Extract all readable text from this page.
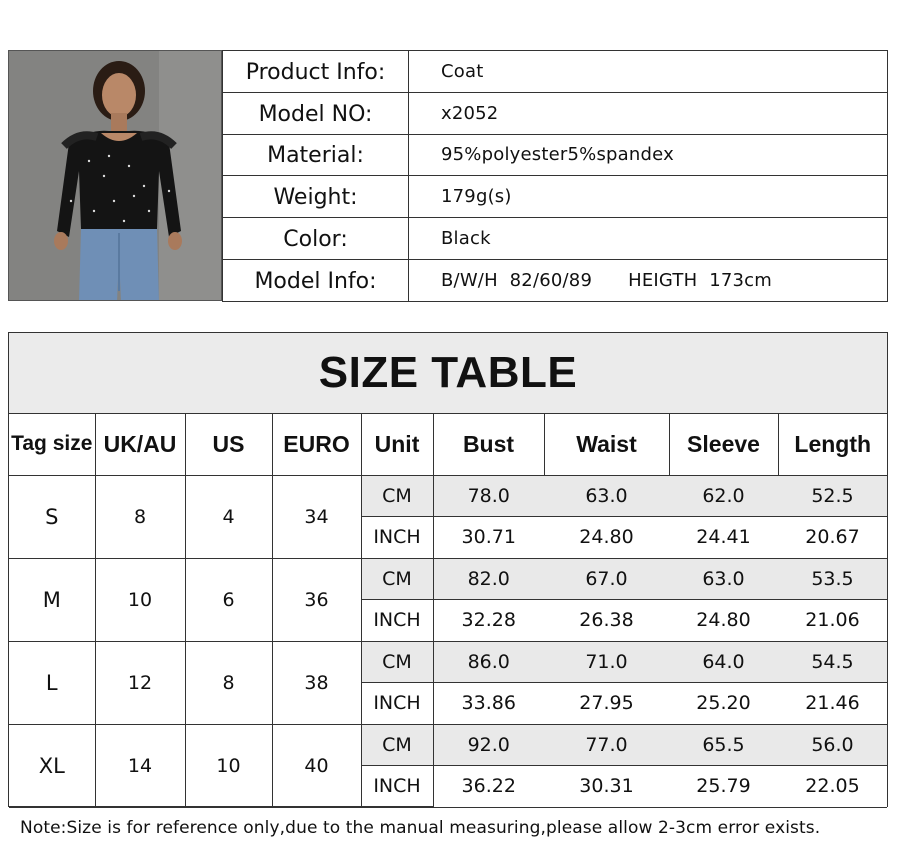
Product Info:	Coat
Model NO:	x2052
Material:	95%polyester5%spandex
Weight:	179g(s)
Color:	Black
Model Info:	B/W/H  82/60/89 HEIGTH  173cm
SIZE TABLE
Tag size	UK/AU	US	EURO	Unit	Bust	Waist	Sleeve	Length
S	8	4	34	CM	78.0	63.0	62.0	52.5
				INCH	30.71	24.80	24.41	20.67
M	10	6	36	CM	82.0	67.0	63.0	53.5
				INCH	32.28	26.38	24.80	21.06
L	12	8	38	CM	86.0	71.0	64.0	54.5
				INCH	33.86	27.95	25.20	21.46
XL	14	10	40	CM	92.0	77.0	65.5	56.0
				INCH	36.22	30.31	25.79	22.05
Note:Size is for reference only,due to the manual measuring,please allow 2-3cm error exists.
